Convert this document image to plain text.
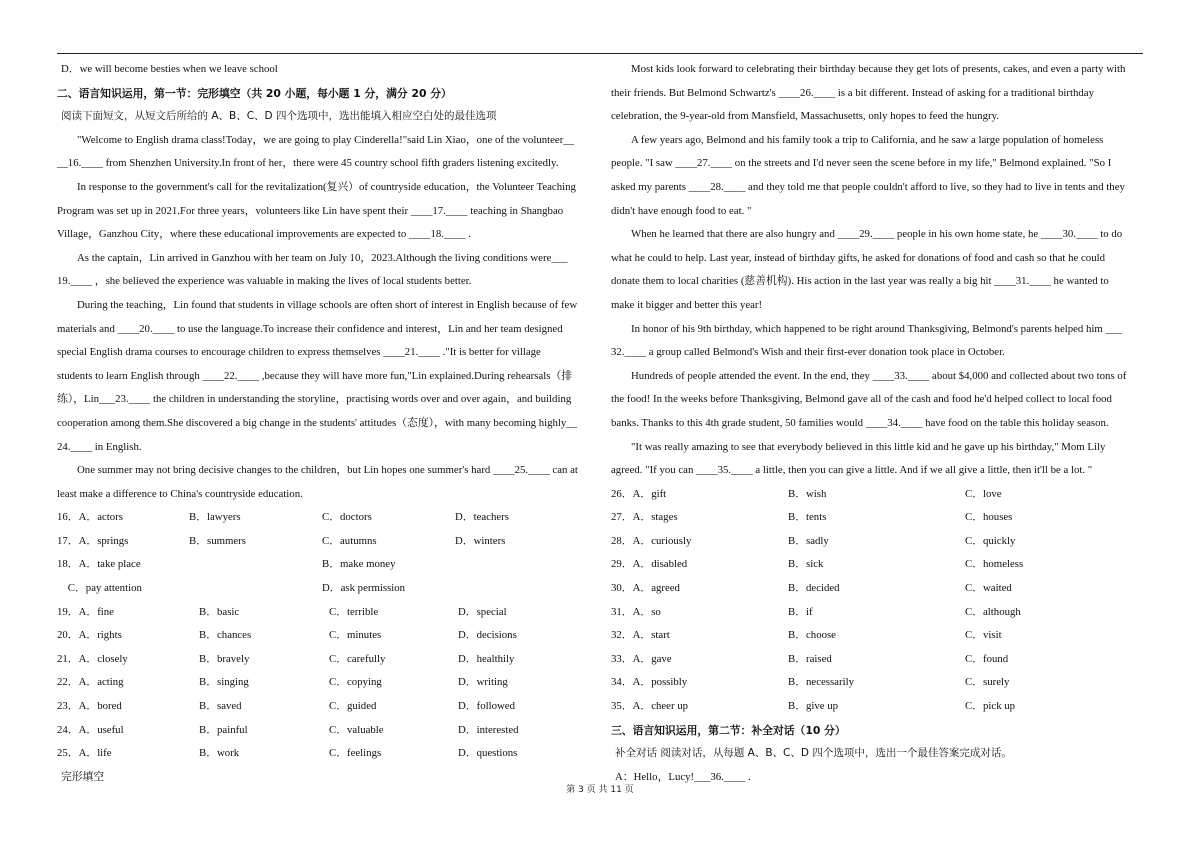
D．we will become besties when we leave school
二、语言知识运用，第一节：完形填空（共 20 小题，每小题 1 分，满分 20 分）
阅读下面短文，从短文后所给的 A、B、C、D 四个选项中，选出能填入相应空白处的最佳选项
"Welcome to English drama class!Today，we are going to play Cinderella!"said Lin Xiao，one of the volunteer__
__16.____ from Shenzhen University.In front of her，there were 45 country school fifth graders listening excitedly.
In response to the government's call for the revitalization(复兴）of countryside education，the Volunteer Teaching
Program was set up in 2021.For three years，volunteers like Lin have spent their ____17.____ teaching in Shangbao
Village，Ganzhou City，where these educational improvements are expected to ____18.____ .
As the captain，Lin arrived in Ganzhou with her team on July 10，2023.Although the living conditions were___
19.____ ，she believed the experience was valuable in making the lives of local students better.
During the teaching，Lin found that students in village schools are often short of interest in English because of few
materials and ____20.____ to use the language.To increase their confidence and interest，Lin and her team designed
special English drama courses to encourage children to express themselves ____21.____ ."It is better for village
students to learn English through ____22.____ ,because they will have more fun,"Lin explained.During rehearsals（排
练），Lin___23.____ the children in understanding the storyline，practising words over and over again，and building
cooperation among them.She discovered a big change in the students' attitudes（态度），with many becoming highly__
24.____ in English.
One summer may not bring decisive changes to the children，but Lin hopes one summer's hard ____25.____ can at
least make a difference to China's countryside education.
16．A．actors	B．lawyers	C．doctors	D．teachers
17．A．springs	B．summers	C．autumns	D．winters
18．A．take place	B．make money
C．pay attention	D．ask permission
19．A．fine	B．basic	C．terrible	D．special
20．A．rights	B．chances	C．minutes	D．decisions
21．A．closely	B．bravely	C．carefully	D．healthily
22．A．acting	B．singing	C．copying	D．writing
23．A．bored	B．saved	C．guided	D．followed
24．A．useful	B．painful	C．valuable	D．interested
25．A．life	B．work	C．feelings	D．questions
完形填空
Most kids look forward to celebrating their birthday because they get lots of presents, cakes, and even a party with
their friends. But Belmond Schwartz's ____26.____ is a bit different. Instead of asking for a traditional birthday
celebration, the 9-year-old from Mansfield, Massachusetts, only hopes to feed the hungry.
A few years ago, Belmond and his family took a trip to California, and he saw a large population of homeless
people. "I saw ____27.____ on the streets and I'd never seen the scene before in my life," Belmond explained. "So I
asked my parents ____28.____ and they told me that people couldn't afford to live, so they had to live in tents and they
didn't have enough food to eat. "
When he learned that there are also hungry and ____29.____ people in his own home state, he ____30.____ to do
what he could to help. Last year, instead of birthday gifts, he asked for donations of food and cash so that he could
donate them to local charities (慈善机构). His action in the last year was really a big hit ____31.____ he wanted to
make it bigger and better this year!
In honor of his 9th birthday, which happened to be right around Thanksgiving, Belmond's parents helped him ___
32.____ a group called Belmond's Wish and their first-ever donation took place in October.
Hundreds of people attended the event. In the end, they ____33.____ about $4,000 and collected about two tons of
the food! In the weeks before Thanksgiving, Belmond gave all of the cash and food he'd helped collect to local food
banks. Thanks to this 4th grade student, 50 families would ____34.____ have food on the table this holiday season.
"It was really amazing to see that everybody believed in this little kid and he gave up his birthday," Mom Lily
agreed. "If you can ____35.____ a little, then you can give a little. And if we all give a little, then it'll be a lot. "
26．A．gift	B．wish	C．love
27．A．stages	B．tents	C．houses
28．A．curiously	B．sadly	C．quickly
29．A．disabled	B．sick	C．homeless
30．A．agreed	B．decided	C．waited
31．A．so	B．if	C．although
32．A．start	B．choose	C．visit
33．A．gave	B．raised	C．found
34．A．possibly	B．necessarily	C．surely
35．A．cheer up	B．give up	C．pick up
三、语言知识运用，第二节：补全对话（10 分）
补全对话 阅读对话，从每题 A、B、C、D 四个选项中，选出一个最佳答案完成对话。
A：Hello，Lucy!___36.____ .
第 3 页 共 11 页
